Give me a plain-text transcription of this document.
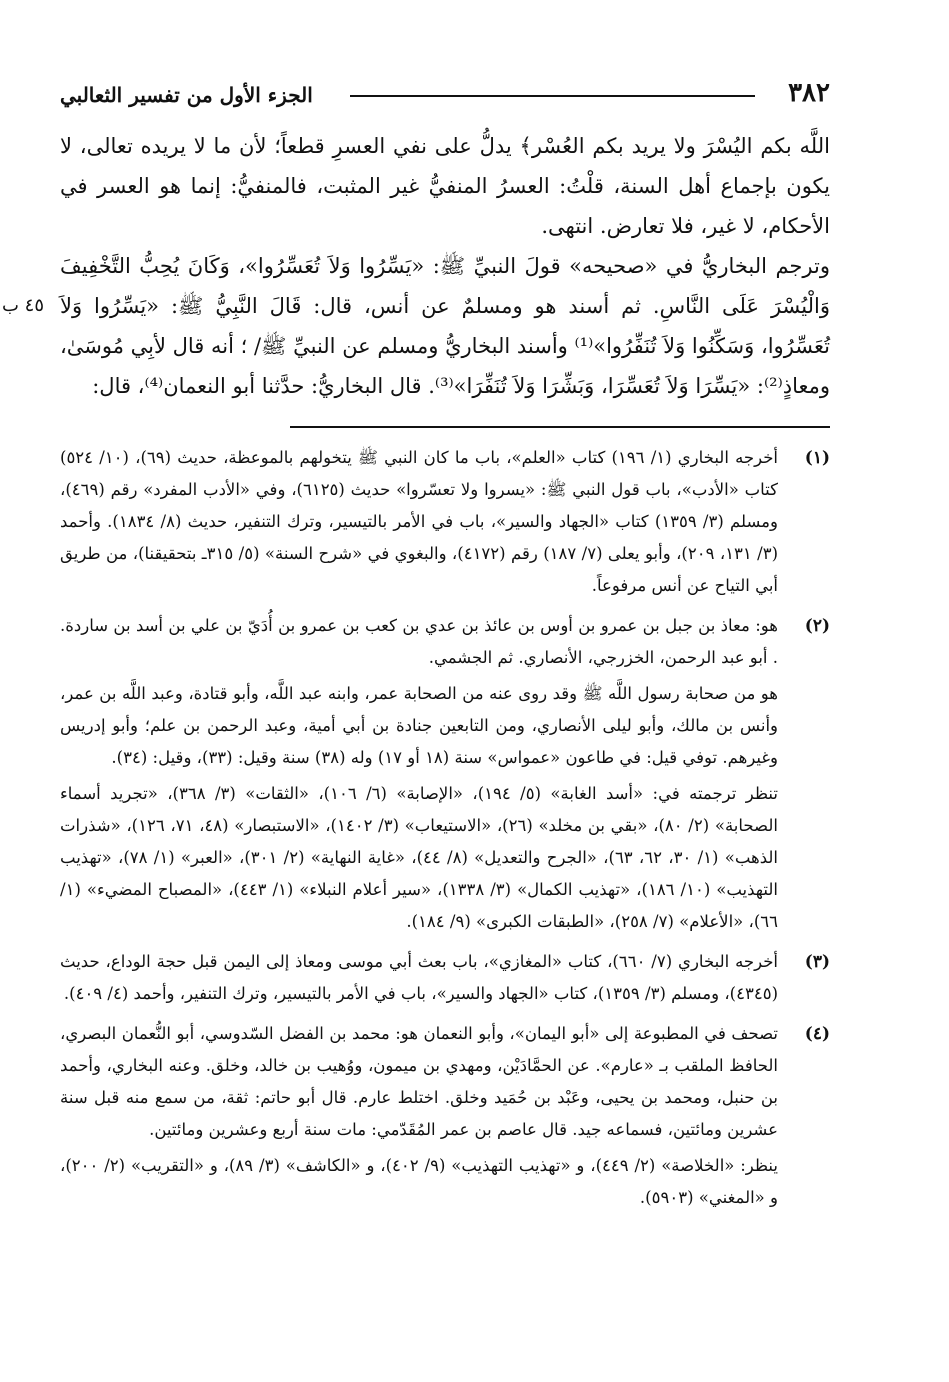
٣٨٢
الجزء الأول من تفسير الثعالبي

اللَّه بكم اليُسْرَ ولا يريد بكم العُسْر﴾ يدلُّ على نفي العسرِ قطعاً؛ لأن ما لا يريده تعالى، لا يكون بإجماع أهل السنة، قلْتُ: العسرُ المنفيُّ غير المثبت، فالمنفيُّ: إنما هو العسر في الأحكام، لا غير، فلا تعارض. انتهى.

وترجم البخاريُّ في «صحيحه» قولَ النبيِّ ﷺ: «يَسِّرُوا وَلاَ تُعَسِّرُوا»، وَكَانَ يُحِبُّ التَّخْفِيفَ وَالْيُسْرَ عَلَى النَّاسِ. ثم أسند هو ومسلمٌ عن أنس، قال: قَالَ النَّبِيُّ ﷺ: «يَسِّرُوا وَلاَ تُعَسِّرُوا، وَسَكِّنُوا وَلاَ تُنَفِّرُوا»⁽¹⁾ وأسند البخاريُّ ومسلم عن النبيِّ ﷺ/ ؛ أنه قال لأبِي مُوسَىٰ، ومعاذٍ⁽²⁾: «يَسِّرَا وَلاَ تُعَسِّرَا، وَبَشِّرَا وَلاَ تُنَفِّرَا»⁽³⁾. قال البخاريُّ: حدَّثنا أبو النعمان⁽⁴⁾، قال:

٤٥ ب
(١)

أخرجه البخاري (١/ ١٩٦) كتاب «العلم»، باب ما كان النبي ﷺ يتخولهم بالموعظة، حديث (٦٩)، (١٠/ ٥٢٤) كتاب «الأدب»، باب قول النبي ﷺ: «يسروا ولا تعسّروا» حديث (٦١٢٥)، وفي «الأدب المفرد» رقم (٤٦٩)، ومسلم (٣/ ١٣٥٩) كتاب «الجهاد والسير»، باب في الأمر بالتيسير، وترك التنفير، حديث (٨/ ١٨٣٤). وأحمد (٣/ ١٣١، ٢٠٩)، وأبو يعلى (٧/ ١٨٧) رقم (٤١٧٢)، والبغوي في «شرح السنة» (٥/ ٣١٥ـ بتحقيقنا)، من طريق أبي التياح عن أنس مرفوعاً.

(٢)

هو: معاذ بن جبل بن عمرو بن أوس بن عائذ بن عدي بن كعب بن عمرو بن أُدَيّ بن علي بن أسد بن ساردة. . أبو عبد الرحمن، الخزرجي، الأنصاري. ثم الجشمي.

هو من صحابة رسول اللَّه ﷺ وقد روى عنه من الصحابة عمر، وابنه عبد اللَّه، وأبو قتادة، وعبد اللَّه بن عمر، وأنس بن مالك، وأبو ليلى الأنصاري، ومن التابعين جنادة بن أبي أمية، وعبد الرحمن بن علم؛ وأبو إدريس وغيرهم. توفي قيل: في طاعون «عمواس» سنة (١٨ أو ١٧) وله (٣٨) سنة وقيل: (٣٣)، وقيل: (٣٤).

تنظر ترجمته في: «أسد الغابة» (٥/ ١٩٤)، «الإصابة» (٦/ ١٠٦)، «الثقات» (٣/ ٣٦٨)، «تجريد أسماء الصحابة» (٢/ ٨٠)، «بقي بن مخلد» (٢٦)، «الاستيعاب» (٣/ ١٤٠٢)، «الاستبصار» (٤٨، ٧١، ١٢٦)، «شذرات الذهب» (١/ ٣٠، ٦٢، ٦٣)، «الجرح والتعديل» (٨/ ٤٤)، «غاية النهاية» (٢/ ٣٠١)، «العبر» (١/ ٧٨)، «تهذيب التهذيب» (١٠/ ١٨٦)، «تهذيب الكمال» (٣/ ١٣٣٨)، «سير أعلام النبلاء» (١/ ٤٤٣)، «المصباح المضيء» (١/ ٦٦)، «الأعلام» (٧/ ٢٥٨)، «الطبقات الكبرى» (٩/ ١٨٤).

(٣)

أخرجه البخاري (٧/ ٦٦٠)، كتاب «المغازي»، باب بعث أبي موسى ومعاذ إلى اليمن قبل حجة الوداع، حديث (٤٣٤٥)، ومسلم (٣/ ١٣٥٩)، كتاب «الجهاد والسير»، باب في الأمر بالتيسير، وترك التنفير، وأحمد (٤/ ٤٠٩).

(٤)

تصحف في المطبوعة إلى «أبو اليمان»، وأبو النعمان هو: محمد بن الفضل السّدوسي، أبو النُّعمان البصري، الحافظ الملقب بـ «عارم». عن الحمَّادَيْن، ومهدي بن ميمون، ووُهيب بن خالد، وخلق. وعنه البخاري، وأحمد بن حنبل، ومحمد بن يحيى، وعَبْد بن حُمَيد وخلق. اختلط عارم. قال أبو حاتم: ثقة، من سمع منه قبل سنة عشرين ومائتين، فسماعه جيد. قال عاصم بن عمر المُقَدّمي: مات سنة أربع وعشرين ومائتين.

ينظر: «الخلاصة» (٢/ ٤٤٩)، و «تهذيب التهذيب» (٩/ ٤٠٢)، و «الكاشف» (٣/ ٨٩)، و «التقريب» (٢/ ٢٠٠)، و «المغني» (٥٩٠٣).
